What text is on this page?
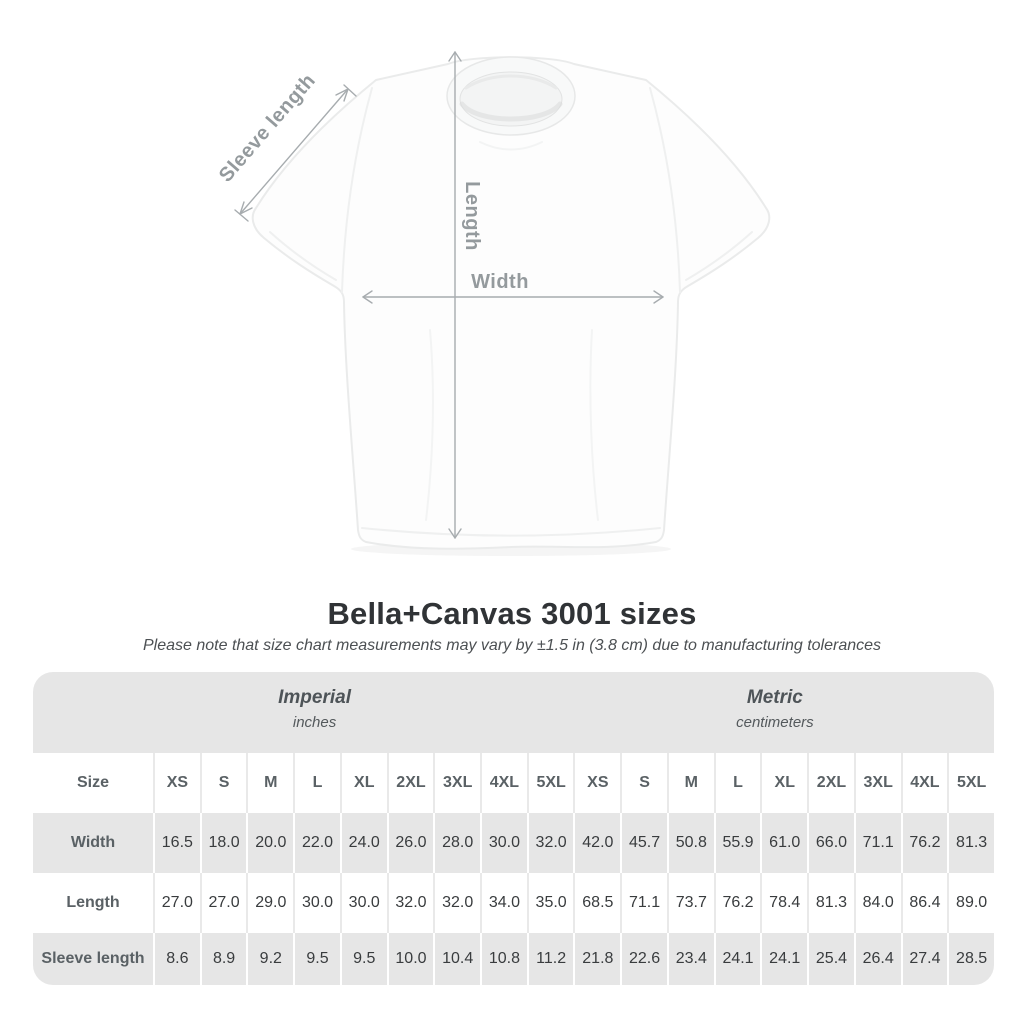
Sleeve length
Length
Width
Bella+Canvas 3001 sizes
Please note that size chart measurements may vary by ±1.5 in (3.8 cm) due to manufacturing tolerances
Imperial
inches
Metric
centimeters
Size	XS	S	M	L	XL	2XL	3XL	4XL	5XL	XS	S	M	L	XL	2XL	3XL	4XL	5XL
Width	16.5 18.0 20.0 22.0 24.0 26.0 28.0 30.0 32.0 42.0 45.7 50.8 55.9 61.0 66.0 71.1 76.2 81.3
Length	27.0 27.0 29.0 30.0 30.0 32.0 32.0 34.0 35.0 68.5 71.1 73.7 76.2 78.4 81.3 84.0 86.4 89.0
Sleeve length	8.6	8.9	9.2	9.5	9.5	10.0 10.4 10.8	11.2	21.8 22.6 23.4 24.1 24.1 25.4 26.4 27.4 28.5
